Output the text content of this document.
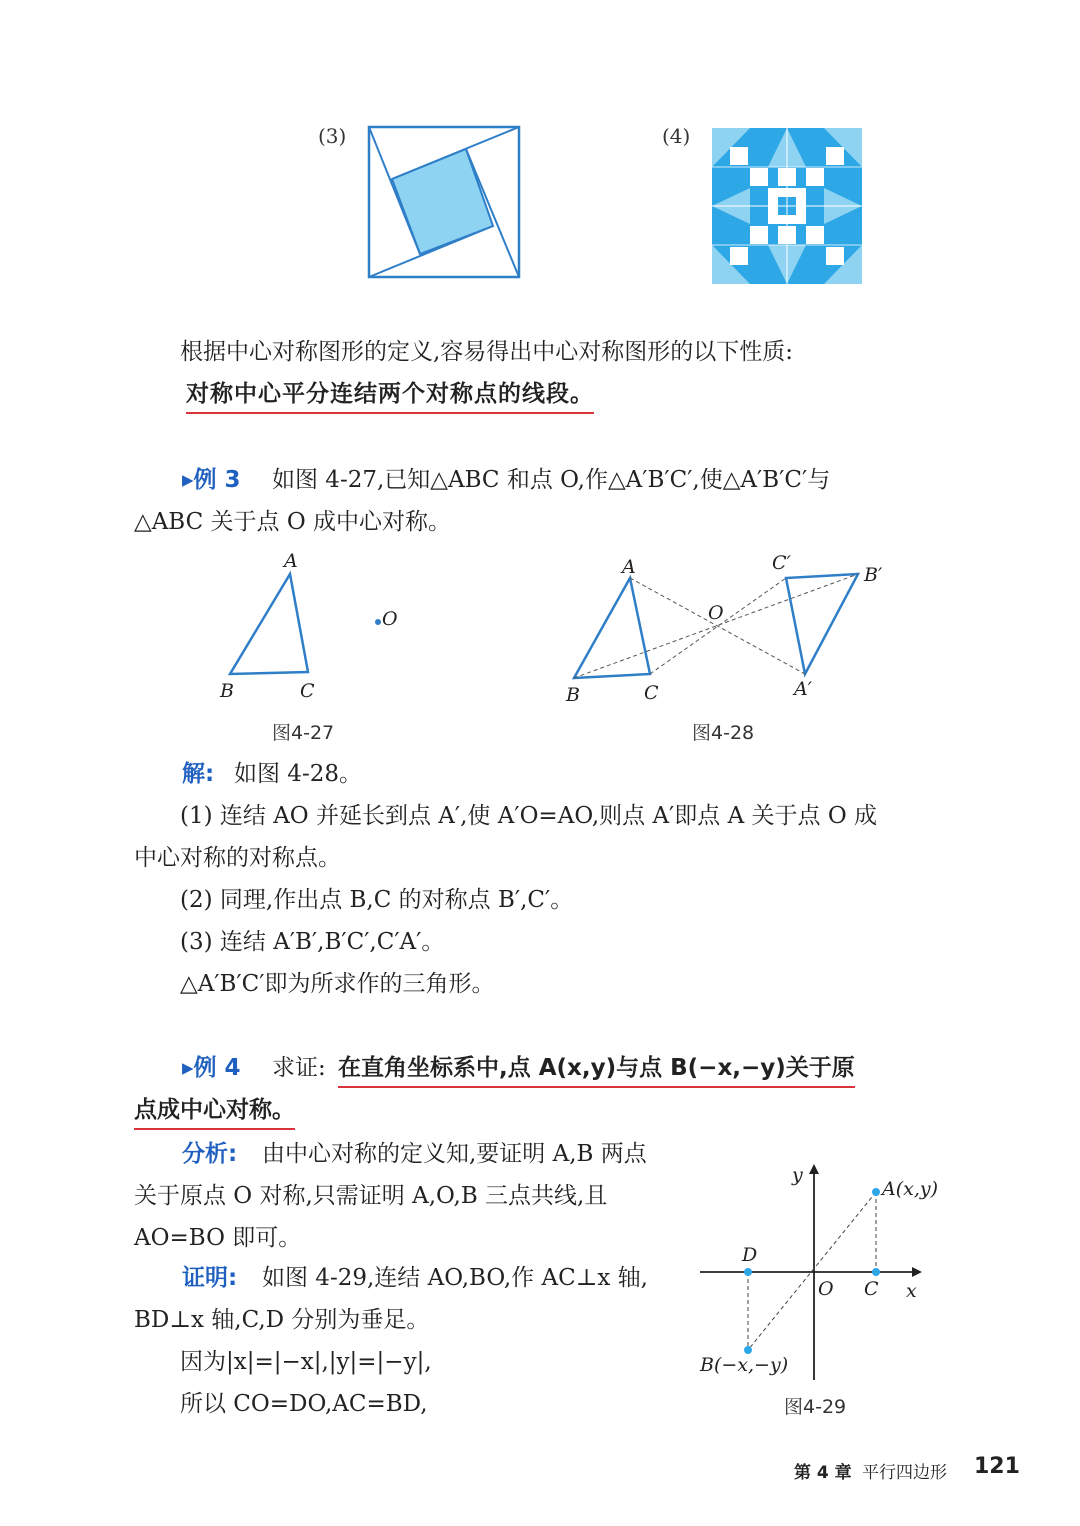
(3)	(4)
根据中心对称图形的定义,容易得出中心对称图形的以下性质:
对称中心平分连结两个对称点的线段。
▸例 3 如图 4-27,已知△ABC 和点 O,作△A′B′C′,使△A′B′C′与
△ABC 关于点 O 成中心对称。
A
B	C
O
图4-27
A
B	C
O
A′
B′
C′
图4-28
解: 如图 4-28。
(1) 连结 AO 并延长到点 A′,使 A′O=AO,则点 A′即点 A 关于点 O 成
中心对称的对称点。
(2) 同理,作出点 B,C 的对称点 B′,C′。
(3) 连结 A′B′,B′C′,C′A′。
△A′B′C′即为所求作的三角形。
▸例 4 求证: 在直角坐标系中,点 A(x,y)与点 B(−x,−y)关于原
点成中心对称。
分析: 由中心对称的定义知,要证明 A,B 两点
关于原点 O 对称,只需证明 A,O,B 三点共线,且
AO=BO 即可。
证明: 如图 4-29,连结 AO,BO,作 AC⊥x 轴,
BD⊥x 轴,C,D 分别为垂足。
因为|x|=|−x|,|y|=|−y|,
所以 CO=DO,AC=BD,
y
x
O
A(x,y)
C
D
B(−x,−y)
图4-29
第 4 章 平行四边形 121
